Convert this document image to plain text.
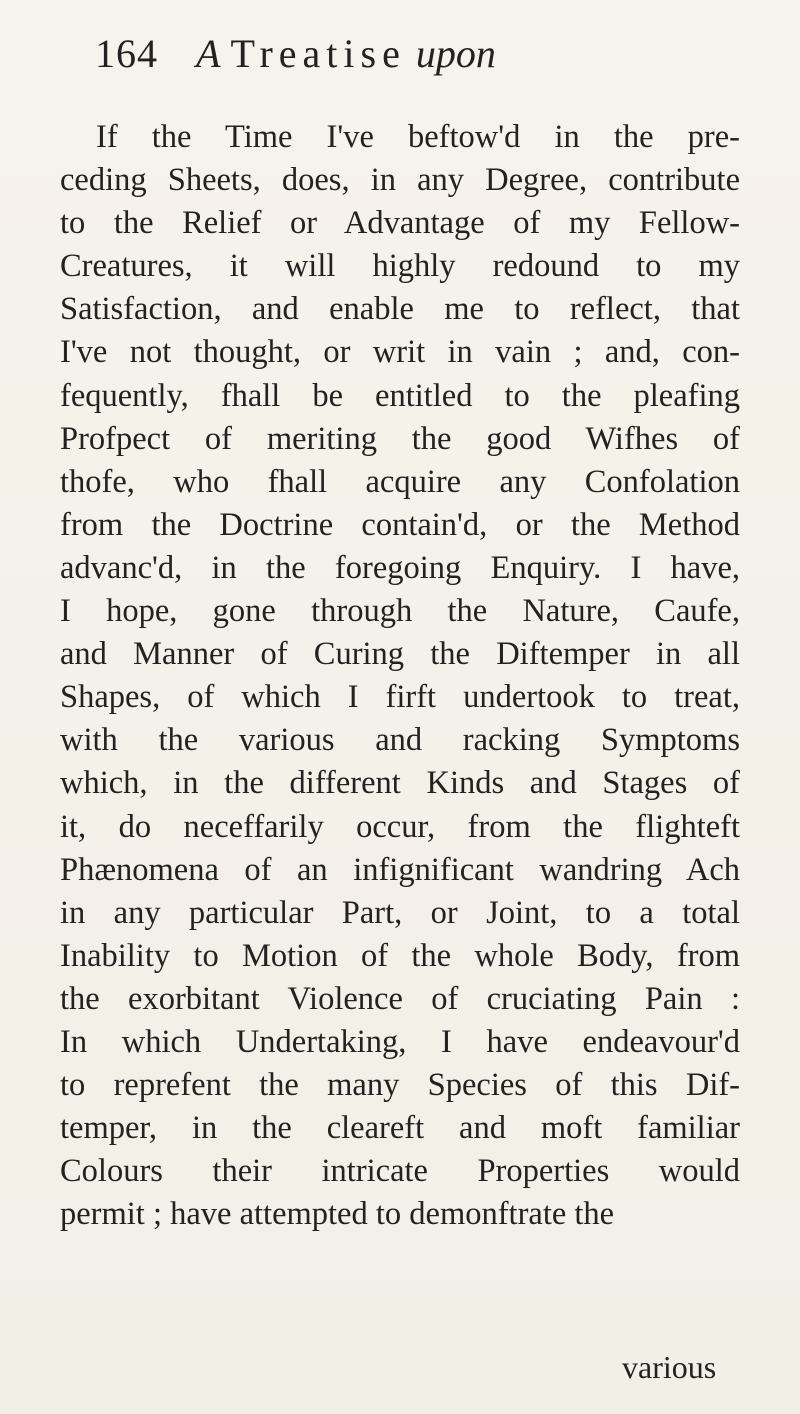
164 A Treatise upon
If the Time I've beftow'd in the pre-
ceding Sheets, does, in any Degree, contribute
to the Relief or Advantage of my Fellow-
Creatures, it will highly redound to my
Satisfaction, and enable me to reflect, that
I've not thought, or writ in vain ; and, con-
fequently, fhall be entitled to the pleafing
Profpect of meriting the good Wifhes of
thofe, who fhall acquire any Confolation
from the Doctrine contain'd, or the Method
advanc'd, in the foregoing Enquiry. I have,
I hope, gone through the Nature, Caufe,
and Manner of Curing the Diftemper in all
Shapes, of which I firft undertook to treat,
with the various and racking Symptoms
which, in the different Kinds and Stages of
it, do neceffarily occur, from the flighteft
Phænomena of an infignificant wandring Ach
in any particular Part, or Joint, to a total
Inability to Motion of the whole Body, from
the exorbitant Violence of cruciating Pain :
In which Undertaking, I have endeavour'd
to reprefent the many Species of this Dif-
temper, in the cleareft and moft familiar
Colours their intricate Properties would
permit ; have attempted to demonftrate the
various
